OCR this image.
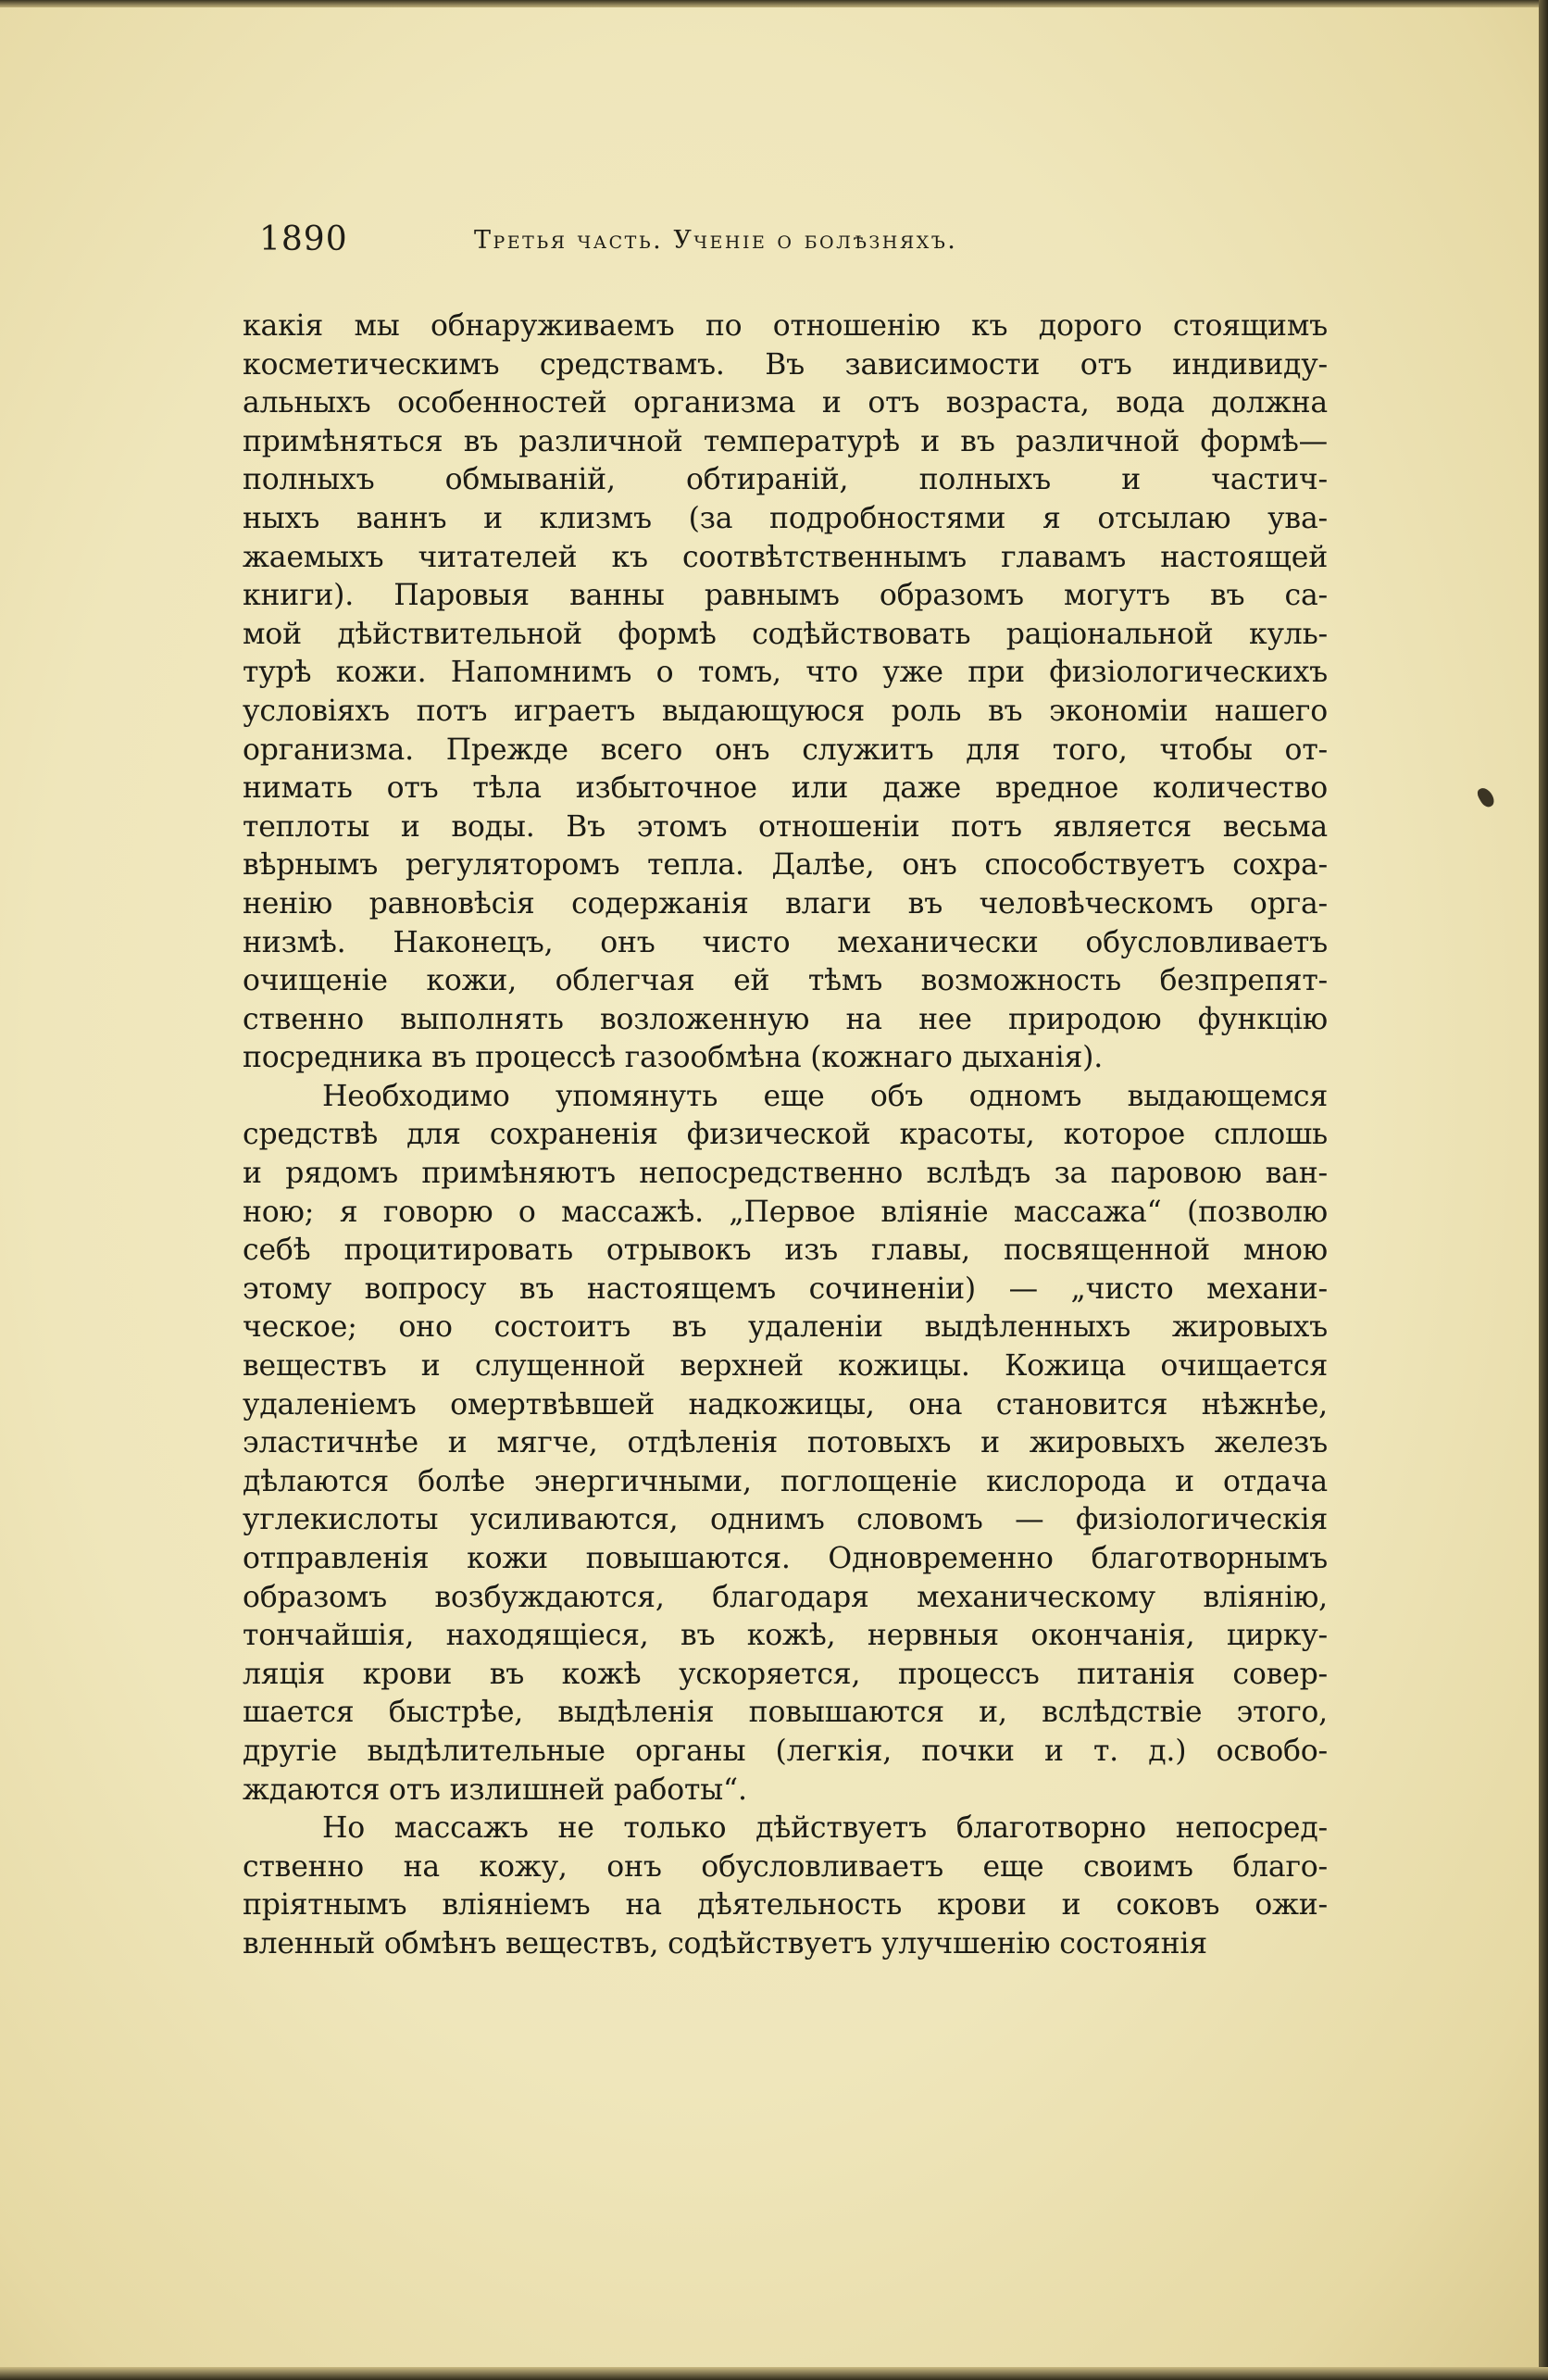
1890	Третья часть. Ученіе о болѣзняхъ.

какія мы обнаруживаемъ по отношенію къ дорого стоящимъ
косметическимъ средствамъ. Въ зависимости отъ индивиду-
альныхъ особенностей организма и отъ возраста, вода должна
примѣняться въ различной температурѣ и въ различной формѣ—
полныхъ обмываній, обтираній, полныхъ и частич-
ныхъ ваннъ и клизмъ (за подробностями я отсылаю ува-
жаемыхъ читателей къ соотвѣтственнымъ главамъ настоящей
книги). Паровыя ванны равнымъ образомъ могутъ въ са-
мой дѣйствительной формѣ содѣйствовать раціональной куль-
турѣ кожи. Напомнимъ о томъ, что уже при физіологическихъ
условіяхъ потъ играетъ выдающуюся роль въ экономіи нашего
организма. Прежде всего онъ служитъ для того, чтобы от-
нимать отъ тѣла избыточное или даже вредное количество
теплоты и воды. Въ этомъ отношеніи потъ является весьма
вѣрнымъ регуляторомъ тепла. Далѣе, онъ способствуетъ сохра-
ненію равновѣсія содержанія влаги въ человѣческомъ орга-
низмѣ. Наконецъ, онъ чисто механически обусловливаетъ
очищеніе кожи, облегчая ей тѣмъ возможность безпрепят-
ственно выполнять возложенную на нее природою функцію
посредника въ процессѣ газообмѣна (кожнаго дыханія).

Необходимо упомянуть еще объ одномъ выдающемся
средствѣ для сохраненія физической красоты, которое сплошь
и рядомъ примѣняютъ непосредственно вслѣдъ за паровою ван-
ною; я говорю о массажѣ. „Первое вліяніе массажа“ (позволю
себѣ процитировать отрывокъ изъ главы, посвященной мною
этому вопросу въ настоящемъ сочиненіи) — „чисто механи-
ческое; оно состоитъ въ удаленіи выдѣленныхъ жировыхъ
веществъ и слущенной верхней кожицы. Кожица очищается
удаленіемъ омертвѣвшей надкожицы, она становится нѣжнѣе,
эластичнѣе и мягче, отдѣленія потовыхъ и жировыхъ железъ
дѣлаются болѣе энергичными, поглощеніе кислорода и отдача
углекислоты усиливаются, однимъ словомъ — физіологическія
отправленія кожи повышаются. Одновременно благотворнымъ
образомъ возбуждаются, благодаря механическому вліянію,
тончайшія, находящіеся, въ кожѣ, нервныя окончанія, цирку-
ляція крови въ кожѣ ускоряется, процессъ питанія совер-
шается быстрѣе, выдѣленія повышаются и, вслѣдствіе этого,
другіе выдѣлительные органы (легкія, почки и т. д.) освобо-
ждаются отъ излишней работы“.

Но массажъ не только дѣйствуетъ благотворно непосред-
ственно на кожу, онъ обусловливаетъ еще своимъ благо-
пріятнымъ вліяніемъ на дѣятельность крови и соковъ ожи-
вленный обмѣнъ веществъ, содѣйствуетъ улучшенію состоянія
